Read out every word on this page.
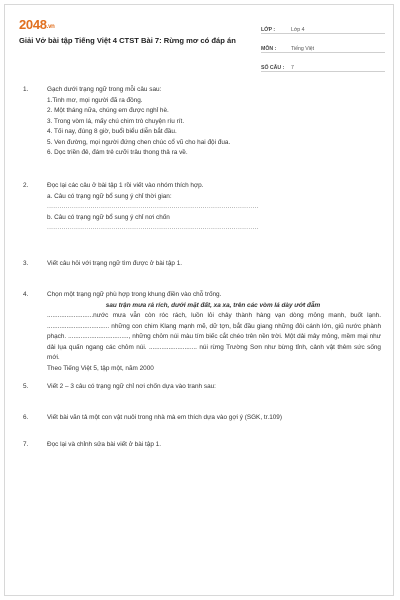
2048.vn
Giải Vở bài tập Tiếng Việt 4 CTST Bài 7: Rừng mơ có đáp án
LỚP :	Lớp 4
MÔN :	Tiếng Việt
SỐ CÂU :	7
1.	Gạch dưới trạng ngữ trong mỗi câu sau:
1.Tinh mơ, mọi người đã ra đồng.
2. Một tháng nữa, chúng em được nghỉ hè.
3. Trong vòm lá, mấy chú chim trò chuyện ríu rít.
4. Tối nay, đúng 8 giờ, buổi biểu diễn bắt đầu.
5. Ven đường, mọi người đứng chen chúc cổ vũ cho hai đội đua.
6. Dọc triền đê, đám trẻ cưỡi trâu thong thả ra về.
2.	Đọc lại các câu ở bài tập 1 rồi viết vào nhóm thích hợp.
a. Câu có trạng ngữ bổ sung ý chỉ thời gian:
......................................................................................................
b. Câu có trạng ngữ bổ sung ý chỉ nơi chốn
......................................................................................................
3.	Viết câu hỏi với trạng ngữ tìm được ở bài tập 1.
4.	Chọn một trạng ngữ phù hợp trong khung điền vào chỗ trống.
sau trận mưa rả rích, dưới mặt đất, xa xa, trên các vòm lá dày ướt đẫm
..........................nước mưa vẫn còn róc rách, luồn lỏi chảy thành hàng vạn dòng mỏng manh, buốt lạnh. ................................... những con chim Klang mạnh mẽ, dữ tợn, bắt đầu giang những đôi cánh lớn, giũ nước phành phạch. .................................., những chỏm núi màu tím biếc cắt chéo trên nền trời. Một dải mây mỏng, mềm mại như dải lụa quấn ngang các chỏm núi. ........................... núi rừng Trường Sơn như bừng tỉnh, cảnh vật thêm sức sống mới.
Theo Tiếng Việt 5, tập một, năm 2000
5.	Viết 2 – 3 câu có trạng ngữ chỉ nơi chốn dựa vào tranh sau:
6.	Viết bài văn tả một con vật nuôi trong nhà mà em thích dựa vào gợi ý (SGK, tr.109)
7.	Đọc lại và chỉnh sửa bài viết ở bài tập 1.
